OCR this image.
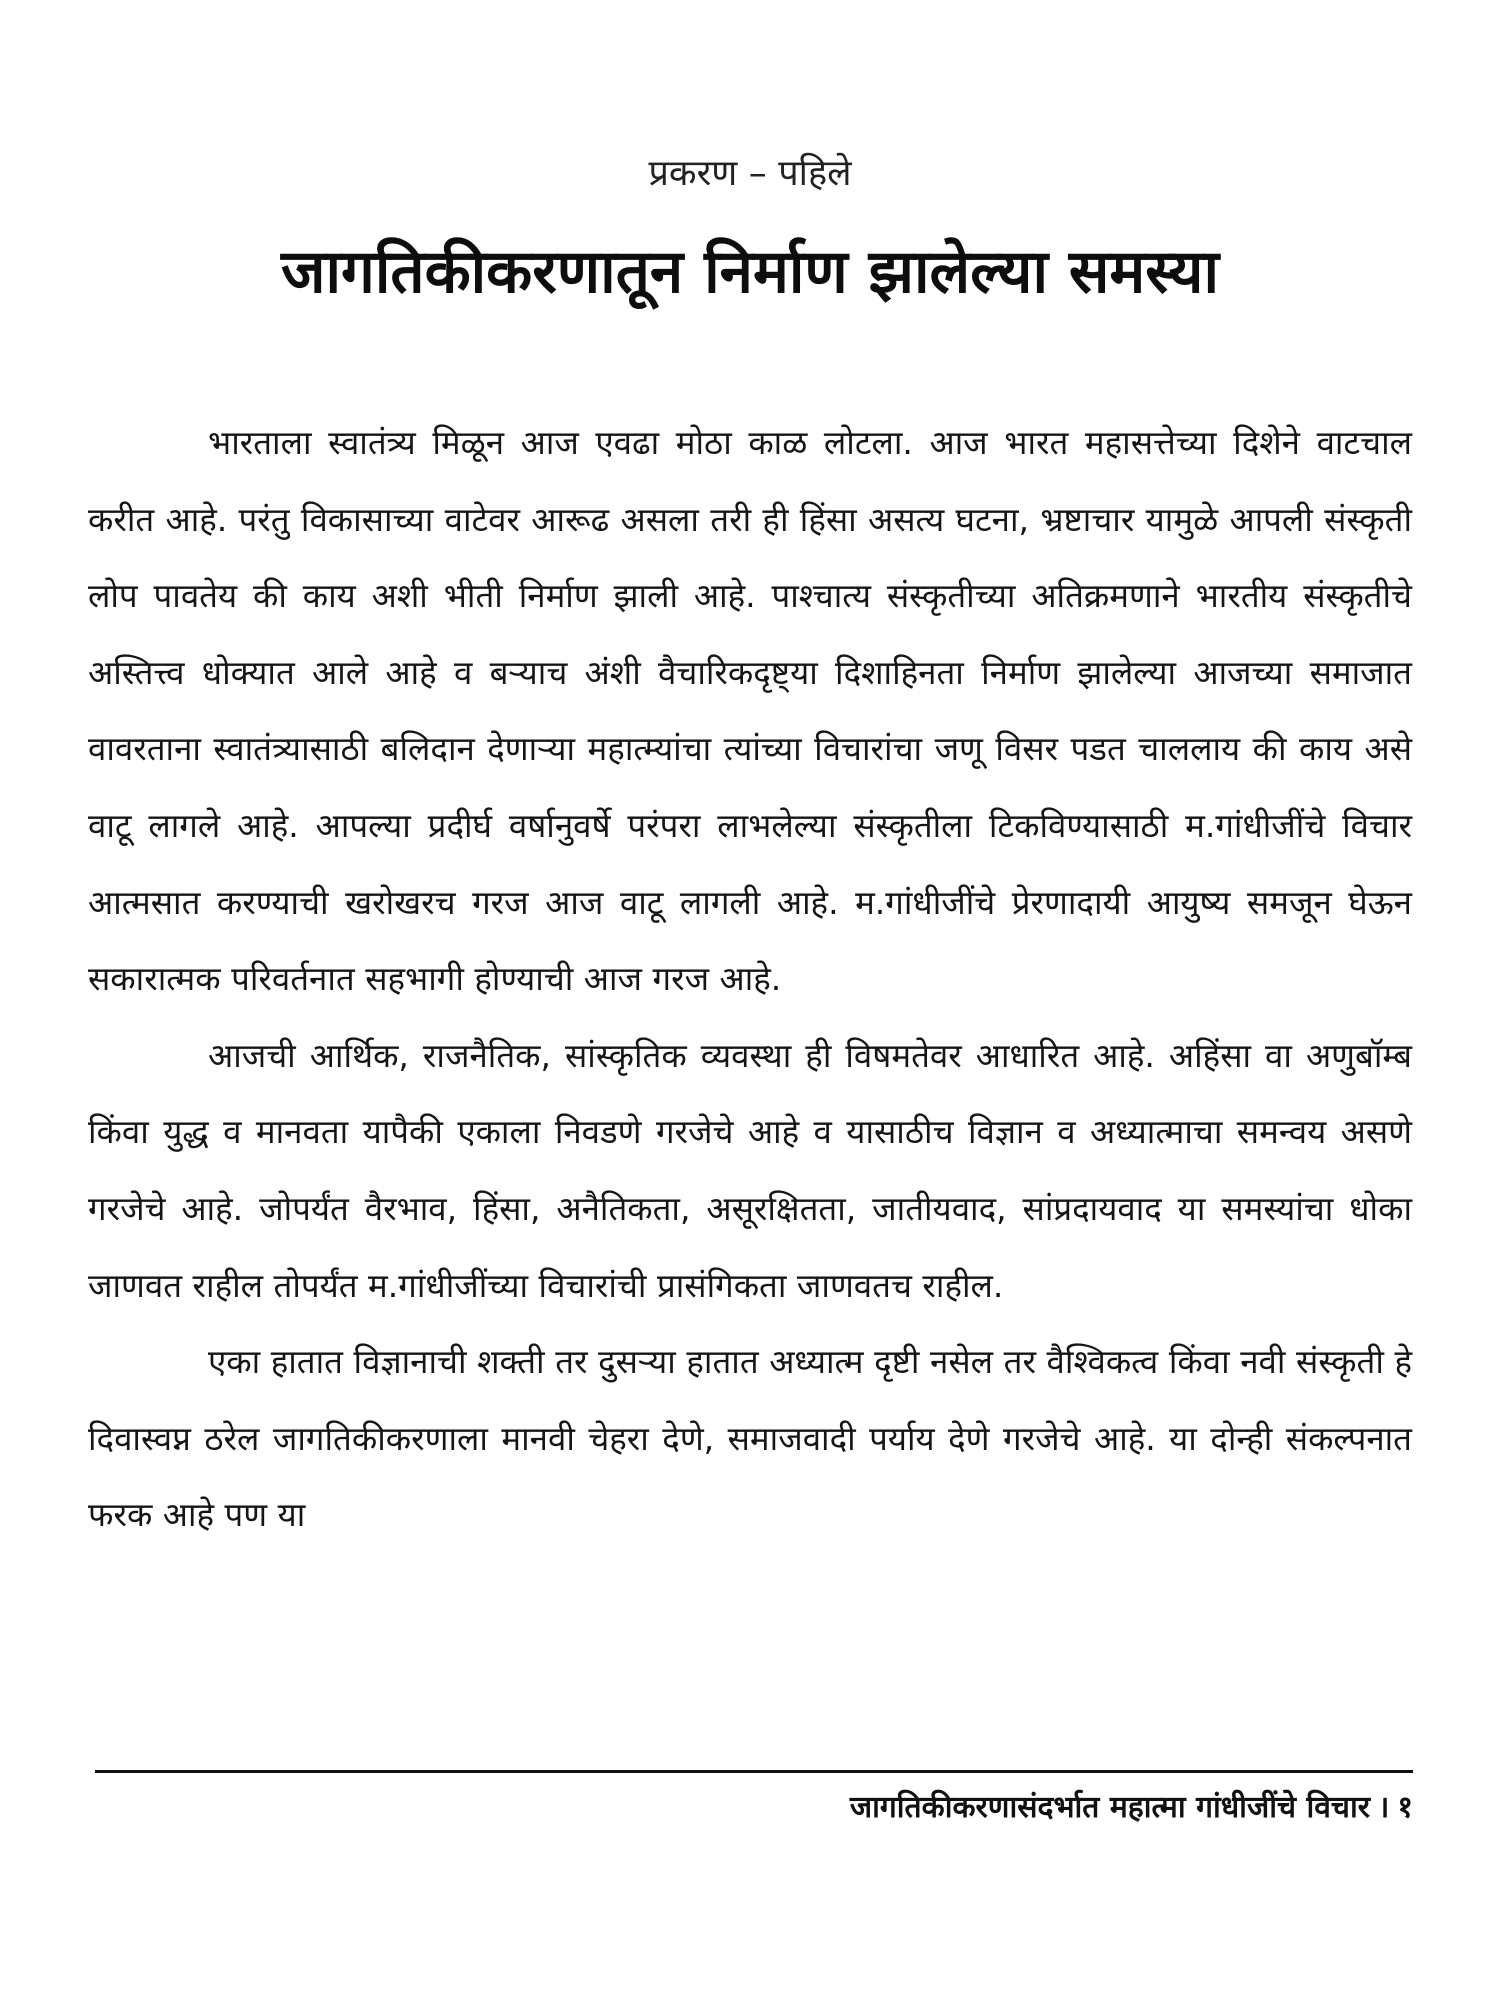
प्रकरण – पहिले
जागतिकीकरणातून निर्माण झालेल्या समस्या

भारताला स्वातंत्र्य मिळून आज एवढा मोठा काळ लोटला. आज भारत महासत्तेच्या दिशेने वाटचाल करीत आहे. परंतु विकासाच्या वाटेवर आरूढ असला तरी ही हिंसा असत्य घटना, भ्रष्टाचार यामुळे आपली संस्कृती लोप पावतेय की काय अशी भीती निर्माण झाली आहे. पाश्चात्य संस्कृतीच्या अतिक्रमणाने भारतीय संस्कृतीचे अस्तित्त्व धोक्यात आले आहे व बऱ्याच अंशी वैचारिकदृष्ट्या दिशाहिनता निर्माण झालेल्या आजच्या समाजात वावरताना स्वातंत्र्यासाठी बलिदान देणाऱ्या महात्म्यांचा त्यांच्या विचारांचा जणू विसर पडत चाललाय की काय असे वाटू लागले आहे. आपल्या प्रदीर्घ वर्षानुवर्षे परंपरा लाभलेल्या संस्कृतीला टिकविण्यासाठी म.गांधीजींचे विचार आत्मसात करण्याची खरोखरच गरज आज वाटू लागली आहे. म.गांधीजींचे प्रेरणादायी आयुष्य समजून घेऊन सकारात्मक परिवर्तनात सहभागी होण्याची आज गरज आहे.

आजची आर्थिक, राजनैतिक, सांस्कृतिक व्यवस्था ही विषमतेवर आधारित आहे. अहिंसा वा अणुबॉम्ब किंवा युद्ध व मानवता यापैकी एकाला निवडणे गरजेचे आहे व यासाठीच विज्ञान व अध्यात्माचा समन्वय असणे गरजेचे आहे. जोपर्यंत वैरभाव, हिंसा, अनैतिकता, असूरक्षितता, जातीयवाद, सांप्रदायवाद या समस्यांचा धोका जाणवत राहील तोपर्यंत म.गांधीजींच्या विचारांची प्रासंगिकता जाणवतच राहील.

एका हातात विज्ञानाची शक्ती तर दुसऱ्या हातात अध्यात्म दृष्टी नसेल तर वैश्विकत्व किंवा नवी संस्कृती हे दिवास्वप्न ठरेल जागतिकीकरणाला मानवी चेहरा देणे, समाजवादी पर्याय देणे गरजेचे आहे. या दोन्ही संकल्पनात फरक आहे पण या

जागतिकीकरणासंदर्भात महात्मा गांधीजींचे विचार । १
